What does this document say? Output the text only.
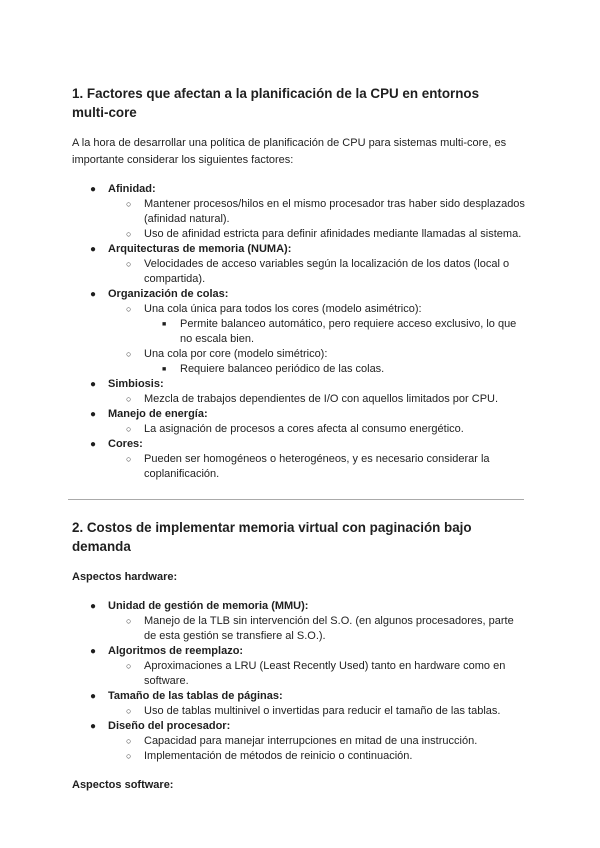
1. Factores que afectan a la planificación de la CPU en entornos multi-core

A la hora de desarrollar una política de planificación de CPU para sistemas multi-core, es importante considerar los siguientes factores:

● Afinidad:
○ Mantener procesos/hilos en el mismo procesador tras haber sido desplazados (afinidad natural).
○ Uso de afinidad estricta para definir afinidades mediante llamadas al sistema.
● Arquitecturas de memoria (NUMA):
○ Velocidades de acceso variables según la localización de los datos (local o compartida).
● Organización de colas:
○ Una cola única para todos los cores (modelo asimétrico):
■ Permite balanceo automático, pero requiere acceso exclusivo, lo que no escala bien.
○ Una cola por core (modelo simétrico):
■ Requiere balanceo periódico de las colas.
● Simbiosis:
○ Mezcla de trabajos dependientes de I/O con aquellos limitados por CPU.
● Manejo de energía:
○ La asignación de procesos a cores afecta al consumo energético.
● Cores:
○ Pueden ser homogéneos o heterogéneos, y es necesario considerar la coplanificación.
2. Costos de implementar memoria virtual con paginación bajo demanda

Aspectos hardware:

● Unidad de gestión de memoria (MMU):
○ Manejo de la TLB sin intervención del S.O. (en algunos procesadores, parte de esta gestión se transfiere al S.O.).
● Algoritmos de reemplazo:
○ Aproximaciones a LRU (Least Recently Used) tanto en hardware como en software.
● Tamaño de las tablas de páginas:
○ Uso de tablas multinivel o invertidas para reducir el tamaño de las tablas.
● Diseño del procesador:
○ Capacidad para manejar interrupciones en mitad de una instrucción.
○ Implementación de métodos de reinicio o continuación.

Aspectos software:
